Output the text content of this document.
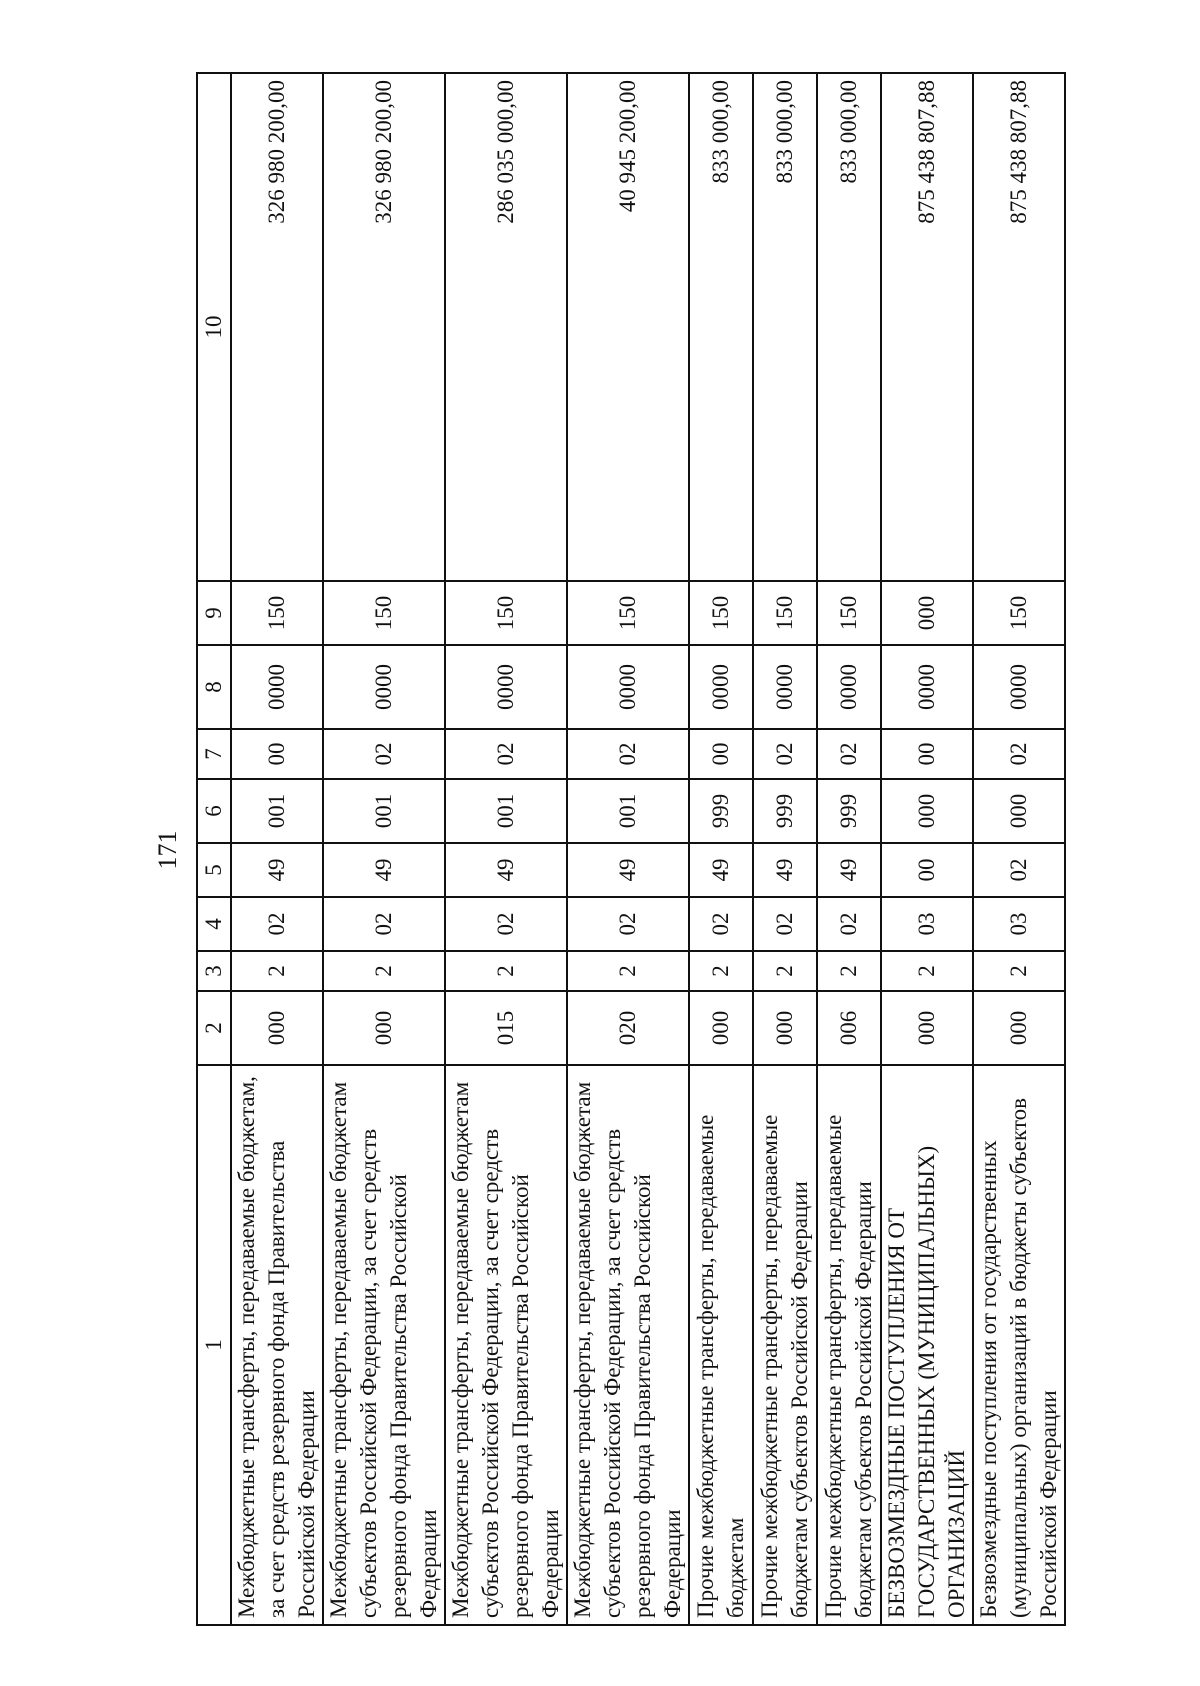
171
1	2	3	4	5	6	7	8	9	10
Межбюджетные трансферты, передаваемые бюджетам, за счет средств резервного фонда Правительства Российской Федерации	000	2	02	49	001	00	0000	150	326 980 200,00
Межбюджетные трансферты, передаваемые бюджетам субъектов Российской Федерации, за счет средств резервного фонда Правительства Российской Федерации	000	2	02	49	001	02	0000	150	326 980 200,00
Межбюджетные трансферты, передаваемые бюджетам субъектов Российской Федерации, за счет средств резервного фонда Правительства Российской Федерации	015	2	02	49	001	02	0000	150	286 035 000,00
Межбюджетные трансферты, передаваемые бюджетам субъектов Российской Федерации, за счет средств резервного фонда Правительства Российской Федерации	020	2	02	49	001	02	0000	150	40 945 200,00
Прочие межбюджетные трансферты, передаваемые бюджетам	000	2	02	49	999	00	0000	150	833 000,00
Прочие межбюджетные трансферты, передаваемые бюджетам субъектов Российской Федерации	000	2	02	49	999	02	0000	150	833 000,00
Прочие межбюджетные трансферты, передаваемые бюджетам субъектов Российской Федерации	006	2	02	49	999	02	0000	150	833 000,00
БЕЗВОЗМЕЗДНЫЕ ПОСТУПЛЕНИЯ ОТ ГОСУДАРСТВЕННЫХ (МУНИЦИПАЛЬНЫХ) ОРГАНИЗАЦИЙ	000	2	03	00	000	00	0000	000	875 438 807,88
Безвозмездные поступления от государственных (муниципальных) организаций в бюджеты субъектов Российской Федерации	000	2	03	02	000	02	0000	150	875 438 807,88
